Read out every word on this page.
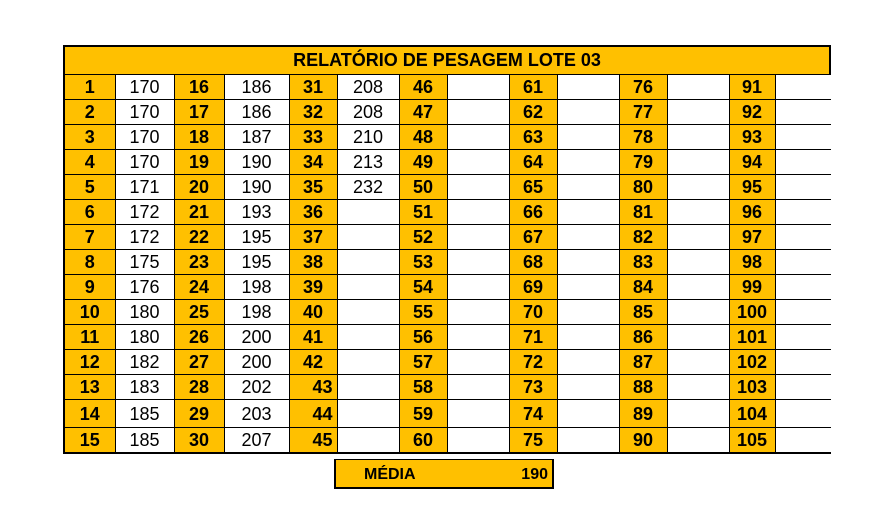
RELATÓRIO DE PESAGEM LOTE 03
1	170	16	186	31	208	46		61		76		91	
2	170	17	186	32	208	47		62		77		92	
3	170	18	187	33	210	48		63		78		93	
4	170	19	190	34	213	49		64		79		94	
5	171	20	190	35	232	50		65		80		95	
6	172	21	193	36		51		66		81		96	
7	172	22	195	37		52		67		82		97	
8	175	23	195	38		53		68		83		98	
9	176	24	198	39		54		69		84		99	
10	180	25	198	40		55		70		85		100	
11	180	26	200	41		56		71		86		101	
12	182	27	200	42		57		72		87		102	
13	183	28	202	43		58		73		88		103	
14	185	29	203	44		59		74		89		104	
15	185	30	207	45		60		75		90		105	
MÉDIA	190
